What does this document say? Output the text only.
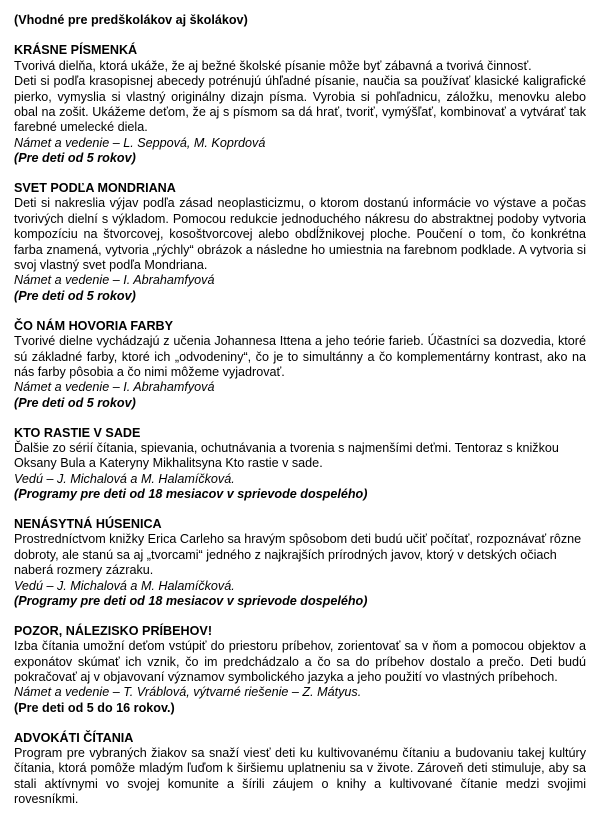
(Vhodné pre predškolákov aj školákov)

KRÁSNE PÍSMENKÁ

Tvorivá dielňa, ktorá ukáže, že aj bežné školské písanie môže byť zábavná a tvorivá činnosť.

Deti si podľa krasopisnej abecedy potrénujú úhľadné písanie, naučia sa používať klasické kaligrafické pierko, vymyslia si vlastný originálny dizajn písma. Vyrobia si pohľadnicu, záložku, menovku alebo obal na zošit. Ukážeme deťom, že aj s písmom sa dá hrať, tvoriť, vymýšľať, kombinovať a vytvárať tak farebné umelecké diela.

Námet a vedenie – L. Seppová, M. Koprdová

(Pre deti od 5 rokov)

SVET PODĽA MONDRIANA

Deti si nakreslia výjav podľa zásad neoplasticizmu, o ktorom dostanú informácie vo výstave a počas tvorivých dielní s výkladom. Pomocou redukcie jednoduchého nákresu do abstraktnej podoby vytvoria kompozíciu na štvorcovej, kosoštvorcovej alebo obdĺžnikovej ploche. Poučení o tom, čo konkrétna farba znamená, vytvoria „rýchly“ obrázok a následne ho umiestnia na farebnom podklade. A vytvoria si svoj vlastný svet podľa Mondriana.

Námet a vedenie – I. Abrahamfyová

(Pre deti od 5 rokov)

ČO NÁM HOVORIA FARBY

Tvorivé dielne vychádzajú z učenia Johannesa Ittena a jeho teórie farieb. Účastníci sa dozvedia, ktoré sú základné farby, ktoré ich „odvodeniny“, čo je to simultánny a čo komplementárny kontrast, ako na nás farby pôsobia a čo nimi môžeme vyjadrovať.

Námet a vedenie – I. Abrahamfyová

(Pre deti od 5 rokov)

KTO RASTIE V SADE

Ďalšie zo sérií čítania, spievania, ochutnávania a tvorenia s najmenšími deťmi. Tentoraz s knižkou Oksany Bula a Kateryny Mikhalitsyna Kto rastie v sade.

Vedú – J. Michalová a M. Halamíčková.

(Programy pre deti od 18 mesiacov v sprievode dospelého)

NENÁSYTNÁ HÚSENICA

Prostredníctvom knižky Erica Carleho sa hravým spôsobom deti budú učiť počítať, rozpoznávať rôzne dobroty, ale stanú sa aj „tvorcami“ jedného z najkrajších prírodných javov, ktorý v detských očiach naberá rozmery zázraku.

Vedú – J. Michalová a M. Halamíčková.

(Programy pre deti od 18 mesiacov v sprievode dospelého)

POZOR, NÁLEZISKO PRÍBEHOV!

Izba čítania umožní deťom vstúpiť do priestoru príbehov, zorientovať sa v ňom a pomocou objektov a exponátov skúmať ich vznik, čo im predchádzalo a čo sa do príbehov dostalo a prečo. Deti budú pokračovať aj v objavovaní významov symbolického jazyka a jeho použití vo vlastných príbehoch.

Námet a vedenie – T. Vráblová, výtvarné riešenie – Z. Mátyus.

(Pre deti od 5 do 16 rokov.)

ADVOKÁTI ČÍTANIA

Program pre vybraných žiakov sa snaží viesť deti ku kultivovanému čítaniu a budovaniu takej kultúry čítania, ktorá pomôže mladým ľuďom k širšiemu uplatneniu sa v živote. Zároveň deti stimuluje, aby sa stali aktívnymi vo svojej komunite a šírili záujem o knihy a kultivované čítanie medzi svojimi rovesníkmi.
